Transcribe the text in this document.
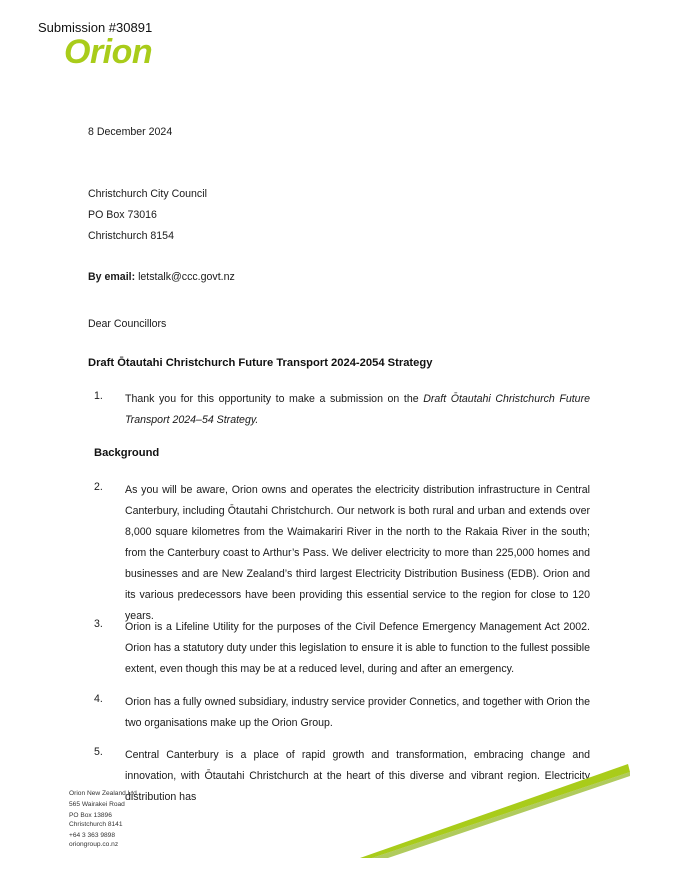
Submission #30891
Orion
8 December 2024
Christchurch City Council
PO Box 73016
Christchurch 8154
By email: letstalk@ccc.govt.nz
Dear Councillors
Draft Ōtautahi Christchurch Future Transport 2024-2054 Strategy
1. Thank you for this opportunity to make a submission on the Draft Ōtautahi Christchurch Future Transport 2024–54 Strategy.
Background
2. As you will be aware, Orion owns and operates the electricity distribution infrastructure in Central Canterbury, including Ōtautahi Christchurch. Our network is both rural and urban and extends over 8,000 square kilometres from the Waimakariri River in the north to the Rakaia River in the south; from the Canterbury coast to Arthur’s Pass. We deliver electricity to more than 225,000 homes and businesses and are New Zealand’s third largest Electricity Distribution Business (EDB). Orion and its various predecessors have been providing this essential service to the region for close to 120 years.
3. Orion is a Lifeline Utility for the purposes of the Civil Defence Emergency Management Act 2002. Orion has a statutory duty under this legislation to ensure it is able to function to the fullest possible extent, even though this may be at a reduced level, during and after an emergency.
4. Orion has a fully owned subsidiary, industry service provider Connetics, and together with Orion the two organisations make up the Orion Group.
5. Central Canterbury is a place of rapid growth and transformation, embracing change and innovation, with Ōtautahi Christchurch at the heart of this diverse and vibrant region. Electricity distribution has
Orion New Zealand Ltd
565 Wairakei Road
PO Box 13896
Christchurch 8141
+64 3 363 9898
oriongroup.co.nz
